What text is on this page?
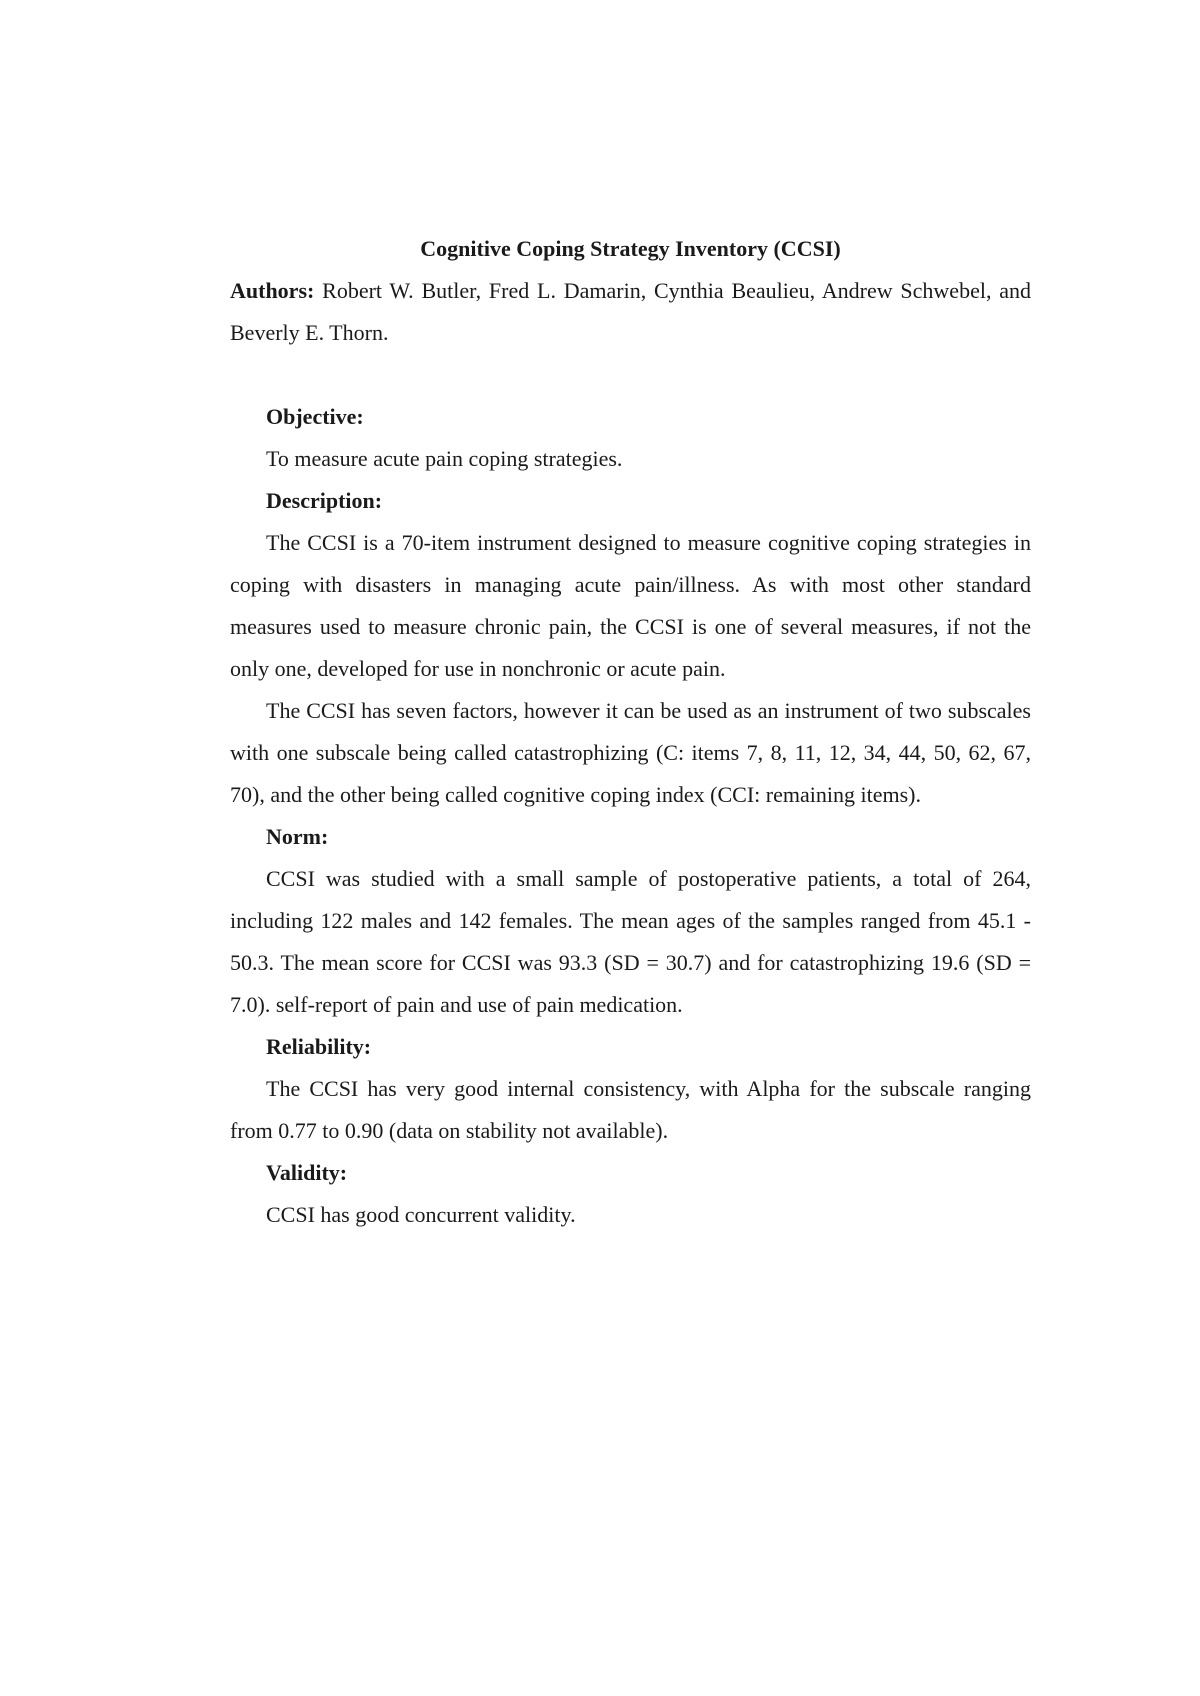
Cognitive Coping Strategy Inventory (CCSI)

Authors: Robert W. Butler, Fred L. Damarin, Cynthia Beaulieu, Andrew Schwebel, and Beverly E. Thorn.

Objective:

To measure acute pain coping strategies.

Description:

The CCSI is a 70-item instrument designed to measure cognitive coping strategies in coping with disasters in managing acute pain/illness. As with most other standard measures used to measure chronic pain, the CCSI is one of several measures, if not the only one, developed for use in nonchronic or acute pain.

The CCSI has seven factors, however it can be used as an instrument of two subscales with one subscale being called catastrophizing (C: items 7, 8, 11, 12, 34, 44, 50, 62, 67, 70), and the other being called cognitive coping index (CCI: remaining items).

Norm:

CCSI was studied with a small sample of postoperative patients, a total of 264, including 122 males and 142 females. The mean ages of the samples ranged from 45.1 - 50.3. The mean score for CCSI was 93.3 (SD = 30.7) and for catastrophizing 19.6 (SD = 7.0). self-report of pain and use of pain medication.

Reliability:

The CCSI has very good internal consistency, with Alpha for the subscale ranging from 0.77 to 0.90 (data on stability not available).

Validity:

CCSI has good concurrent validity.
